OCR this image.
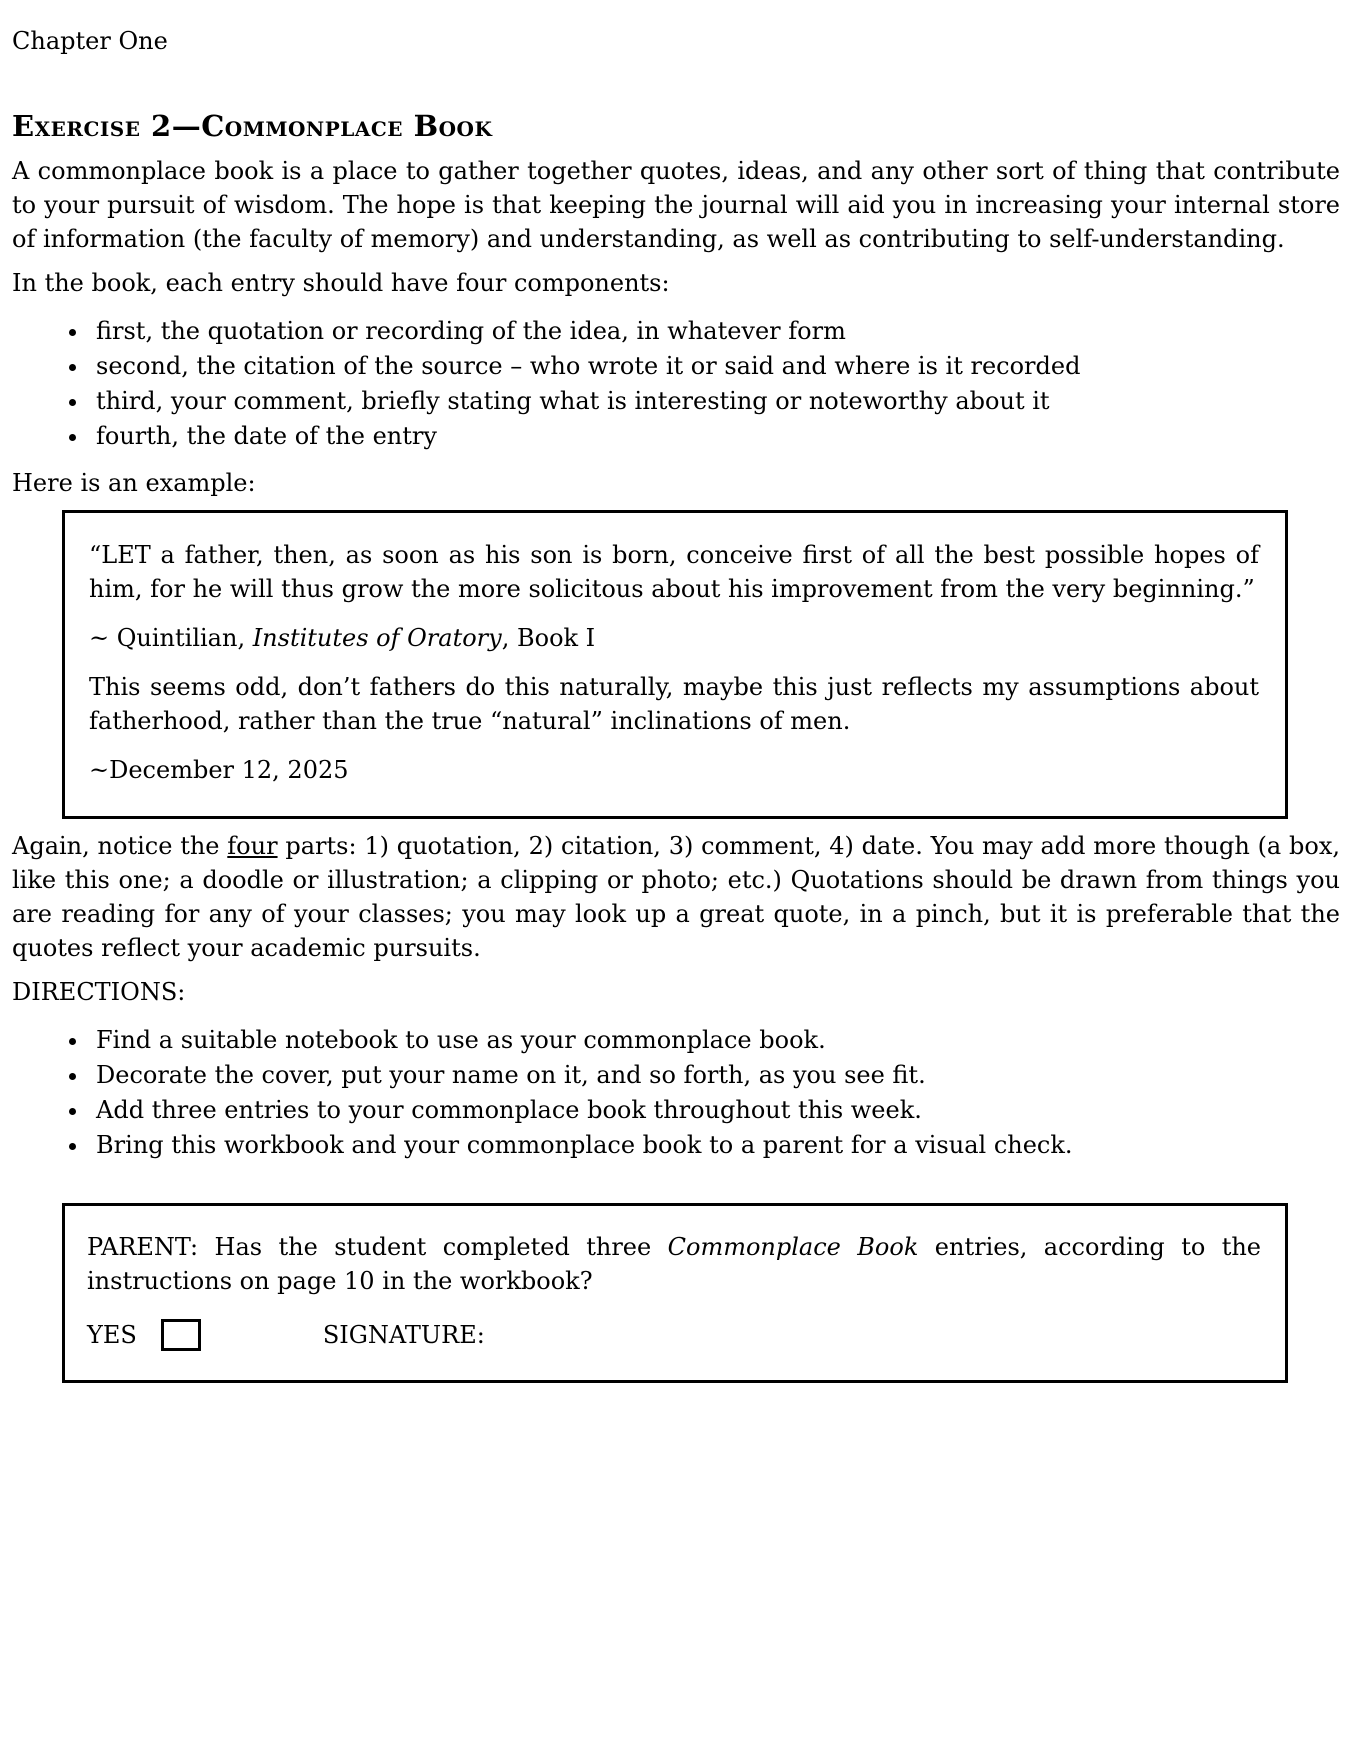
Chapter One

Exercise 2—Commonplace Book

A commonplace book is a place to gather together quotes, ideas, and any other sort of thing that contribute to your pursuit of wisdom. The hope is that keeping the journal will aid you in increasing your internal store of information (the faculty of memory) and understanding, as well as contributing to self-understanding.

In the book, each entry should have four components:

• first, the quotation or recording of the idea, in whatever form
• second, the citation of the source – who wrote it or said and where is it recorded
• third, your comment, briefly stating what is interesting or noteworthy about it
• fourth, the date of the entry

Here is an example:

“LET a father, then, as soon as his son is born, conceive first of all the best possible hopes of him, for he will thus grow the more solicitous about his improvement from the very beginning.”

~ Quintilian, Institutes of Oratory, Book I

This seems odd, don’t fathers do this naturally, maybe this just reflects my assumptions about fatherhood, rather than the true “natural” inclinations of men.

~December 12, 2025

Again, notice the four parts: 1) quotation, 2) citation, 3) comment, 4) date. You may add more though (a box, like this one; a doodle or illustration; a clipping or photo; etc.) Quotations should be drawn from things you are reading for any of your classes; you may look up a great quote, in a pinch, but it is preferable that the quotes reflect your academic pursuits.

DIRECTIONS:

• Find a suitable notebook to use as your commonplace book.
• Decorate the cover, put your name on it, and so forth, as you see fit.
• Add three entries to your commonplace book throughout this week.
• Bring this workbook and your commonplace book to a parent for a visual check.

PARENT: Has the student completed three Commonplace Book entries, according to the instructions on page 10 in the workbook?

YES	SIGNATURE:
